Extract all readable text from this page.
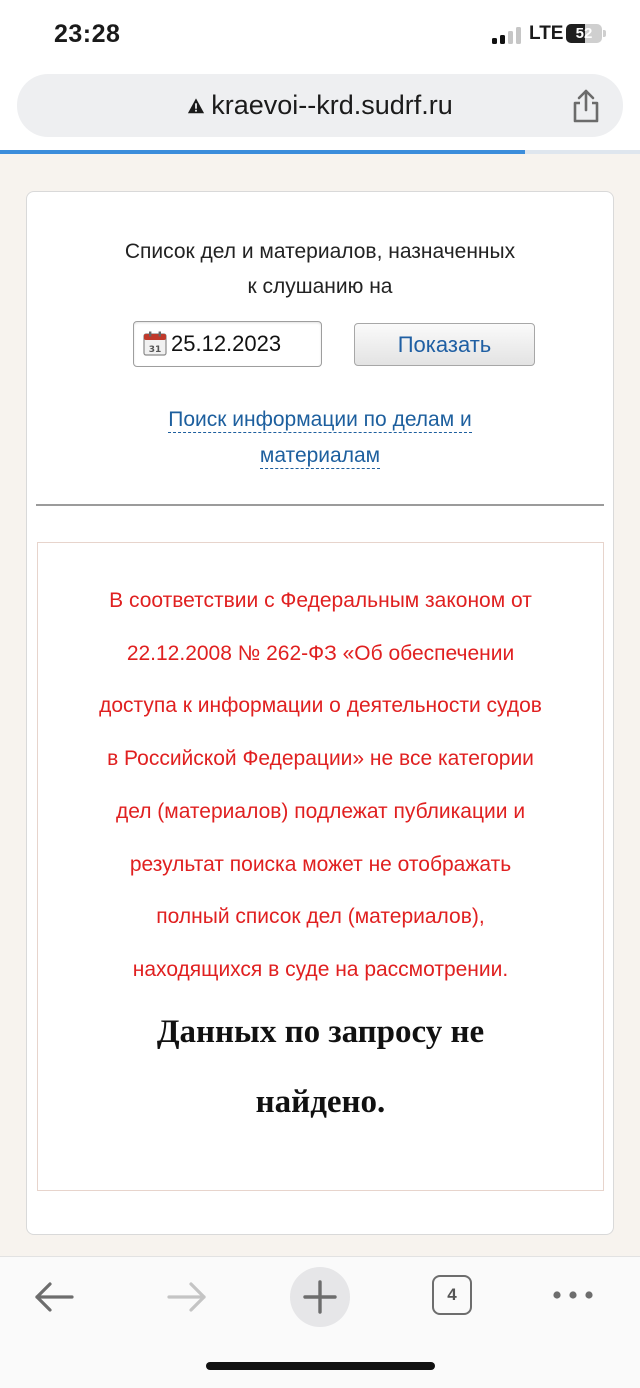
23:28	LTE 52
kraevoi--krd.sudrf.ru
Список дел и материалов, назначенных
к слушанию на
31 25.12.2023	Показать
Поиск информации по делам и
материалам
В соответствии с Федеральным законом от
22.12.2008 № 262-ФЗ «Об обеспечении
доступа к информации о деятельности судов
в Российской Федерации» не все категории
дел (материалов) подлежат публикации и
результат поиска может не отображать
полный список дел (материалов),
находящихся в суде на рассмотрении.
Данных по запросу не
найдено.
4
